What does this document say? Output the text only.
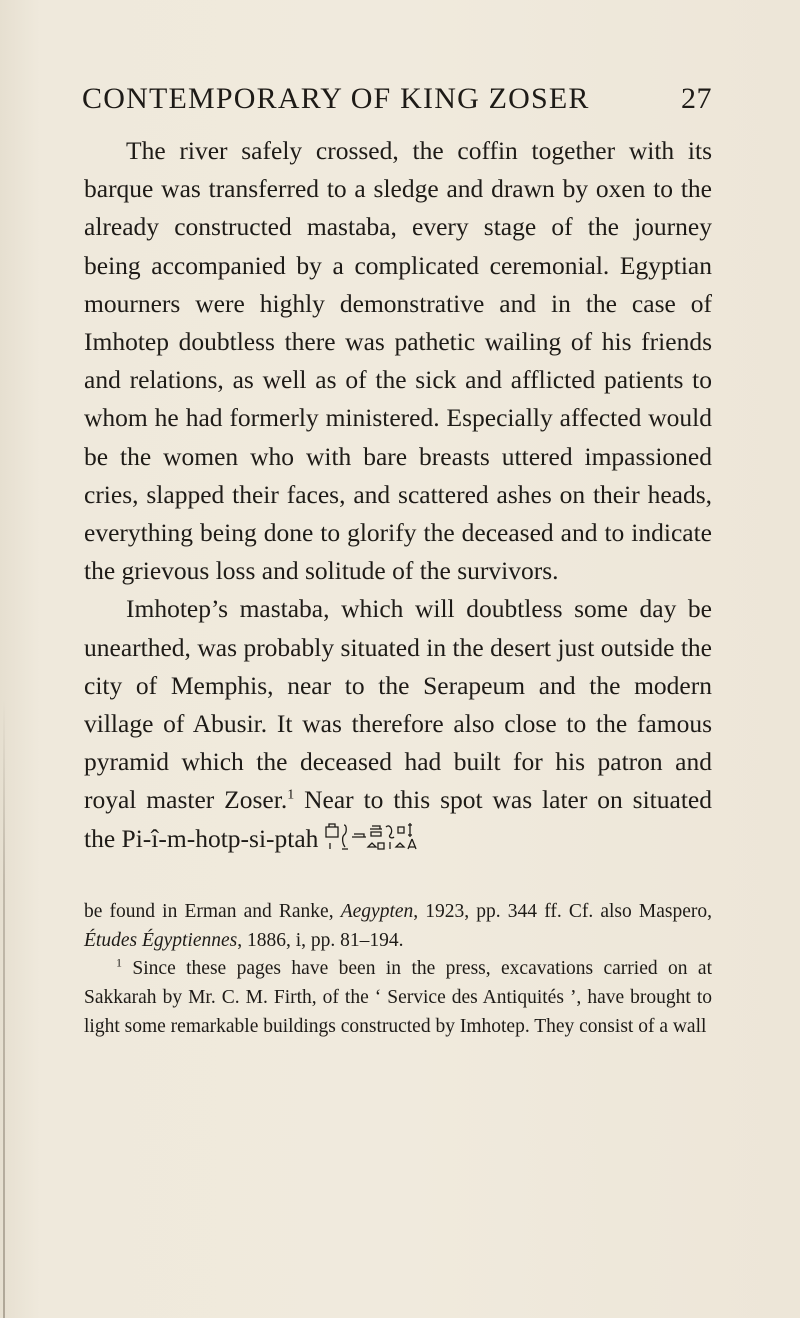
CONTEMPORARY OF KING ZOSER	27

The river safely crossed, the coffin together with its barque was transferred to a sledge and drawn by oxen to the already constructed mastaba, every stage of the journey being accompanied by a complicated ceremonial. Egyptian mourners were highly demonstrative and in the case of Imhotep doubtless there was pathetic wailing of his friends and relations, as well as of the sick and afflicted patients to whom he had formerly ministered. Especially affected would be the women who with bare breasts uttered impassioned cries, slapped their faces, and scattered ashes on their heads, everything being done to glorify the deceased and to indicate the grievous loss and solitude of the survivors.

Imhotep’s mastaba, which will doubtless some day be unearthed, was probably situated in the desert just outside the city of Memphis, near to the Serapeum and the modern village of Abusir. It was therefore also close to the famous pyramid which the deceased had built for his patron and royal master Zoser.$^1$ Near to this spot was later on situated the Pi-î-m-hotp-si-ptah

be found in Erman and Ranke, Aegypten, 1923, pp. 344 ff. Cf. also Maspero, Études Égyptiennes, 1886, i, pp. 81–194.

$^1$ Since these pages have been in the press, excavations carried on at Sakkarah by Mr. C. M. Firth, of the ‘ Service des Antiquités ’, have brought to light some remarkable buildings constructed by Imhotep. They consist of a wall
